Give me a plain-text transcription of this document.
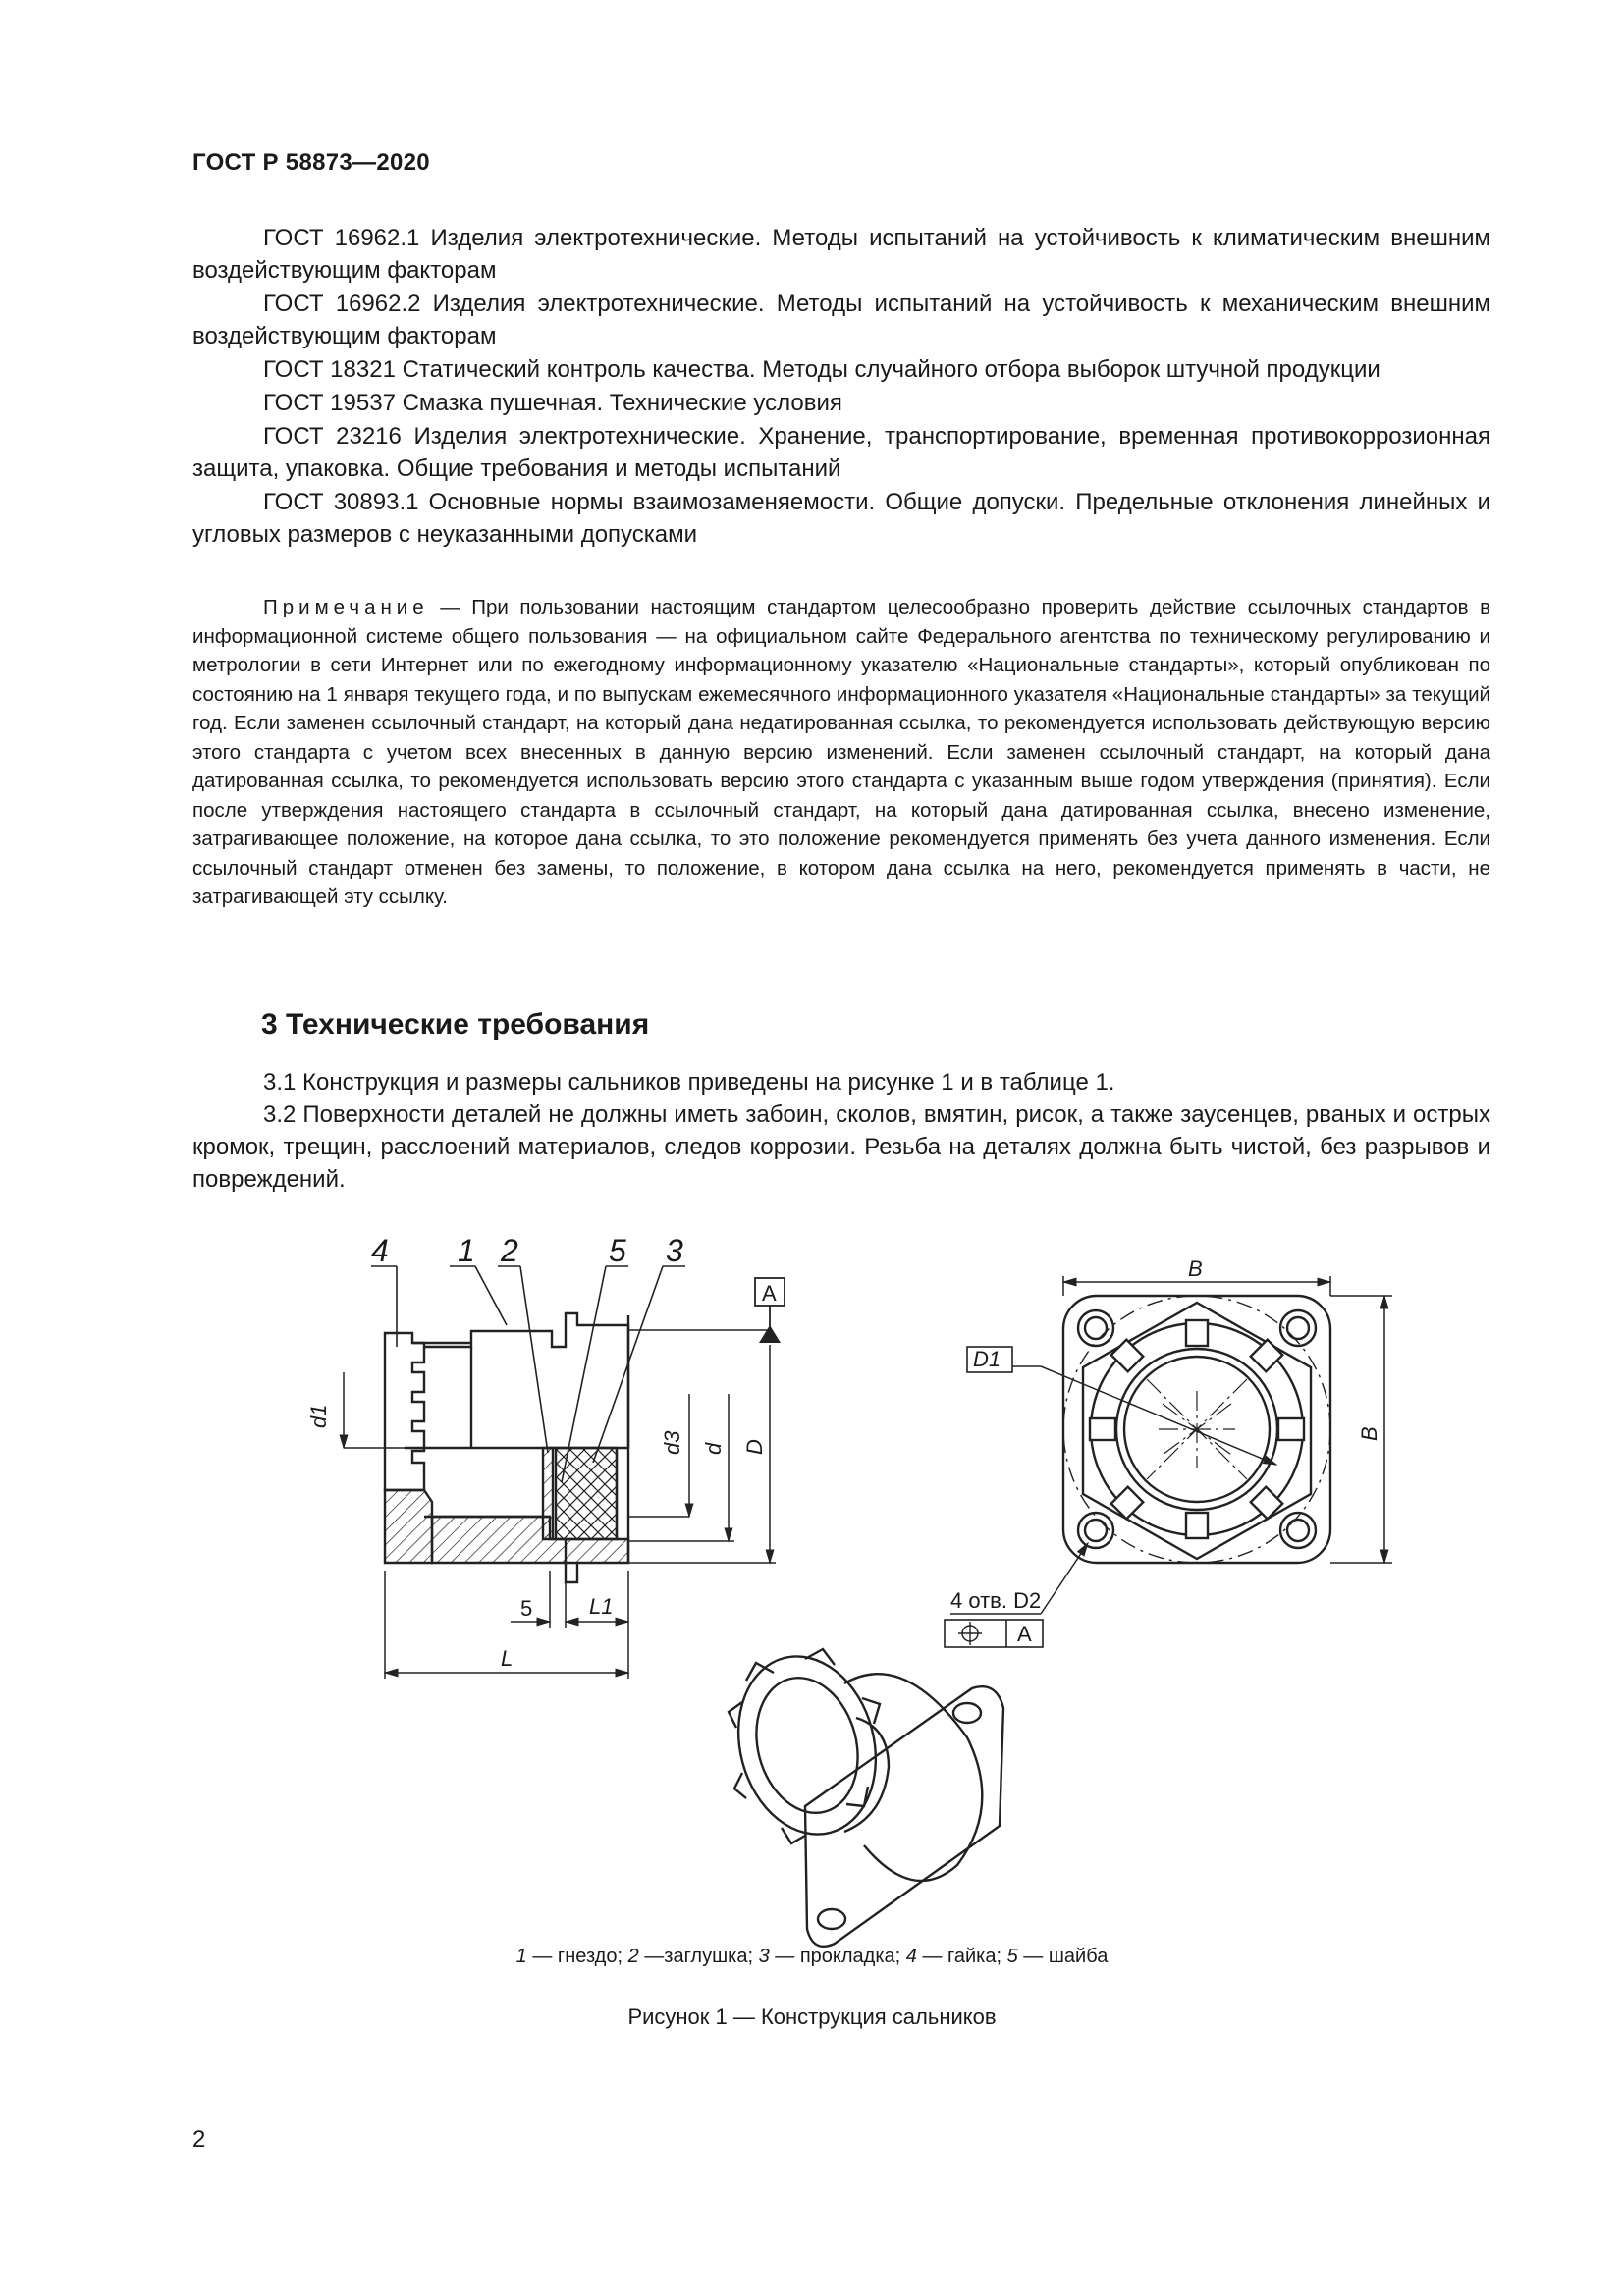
ГОСТ Р 58873—2020

ГОСТ 16962.1 Изделия электротехнические. Методы испытаний на устойчивость к климатическим внешним воздействующим факторам

ГОСТ 16962.2 Изделия электротехнические. Методы испытаний на устойчивость к механическим внешним воздействующим факторам

ГОСТ 18321 Статический контроль качества. Методы случайного отбора выборок штучной продукции

ГОСТ 19537 Смазка пушечная. Технические условия

ГОСТ 23216 Изделия электротехнические. Хранение, транспортирование, временная противокоррозионная защита, упаковка. Общие требования и методы испытаний

ГОСТ 30893.1 Основные нормы взаимозаменяемости. Общие допуски. Предельные отклонения линейных и угловых размеров с неуказанными допусками

Примечание — При пользовании настоящим стандартом целесообразно проверить действие ссылочных стандартов в информационной системе общего пользования — на официальном сайте Федерального агентства по техническому регулированию и метрологии в сети Интернет или по ежегодному информационному указателю «Национальные стандарты», который опубликован по состоянию на 1 января текущего года, и по выпускам ежемесячного информационного указателя «Национальные стандарты» за текущий год. Если заменен ссылочный стандарт, на который дана недатированная ссылка, то рекомендуется использовать действующую версию этого стандарта с учетом всех внесенных в данную версию изменений. Если заменен ссылочный стандарт, на который дана датированная ссылка, то рекомендуется использовать версию этого стандарта с указанным выше годом утверждения (принятия). Если после утверждения настоящего стандарта в ссылочный стандарт, на который дана датированная ссылка, внесено изменение, затрагивающее положение, на которое дана ссылка, то это положение рекомендуется применять без учета данного изменения. Если ссылочный стандарт отменен без замены, то положение, в котором дана ссылка на него, рекомендуется применять в части, не затрагивающей эту ссылку.
3 Технические требования

3.1 Конструкция и размеры сальников приведены на рисунке 1 и в таблице 1.

3.2 Поверхности деталей не должны иметь забоин, сколов, вмятин, рисок, а также заусенцев, рваных и острых кромок, трещин, расслоений материалов, следов коррозии. Резьба на деталях должна быть чистой, без разрывов и повреждений.

4 1 2	5 3
A
d1
d3 d D
5	L1
L
B
B
D1
4 отв. D2
A
1 — гнездо; 2 —заглушка; 3 — прокладка; 4 — гайка; 5 — шайба
Рисунок 1 — Конструкция сальников
2
